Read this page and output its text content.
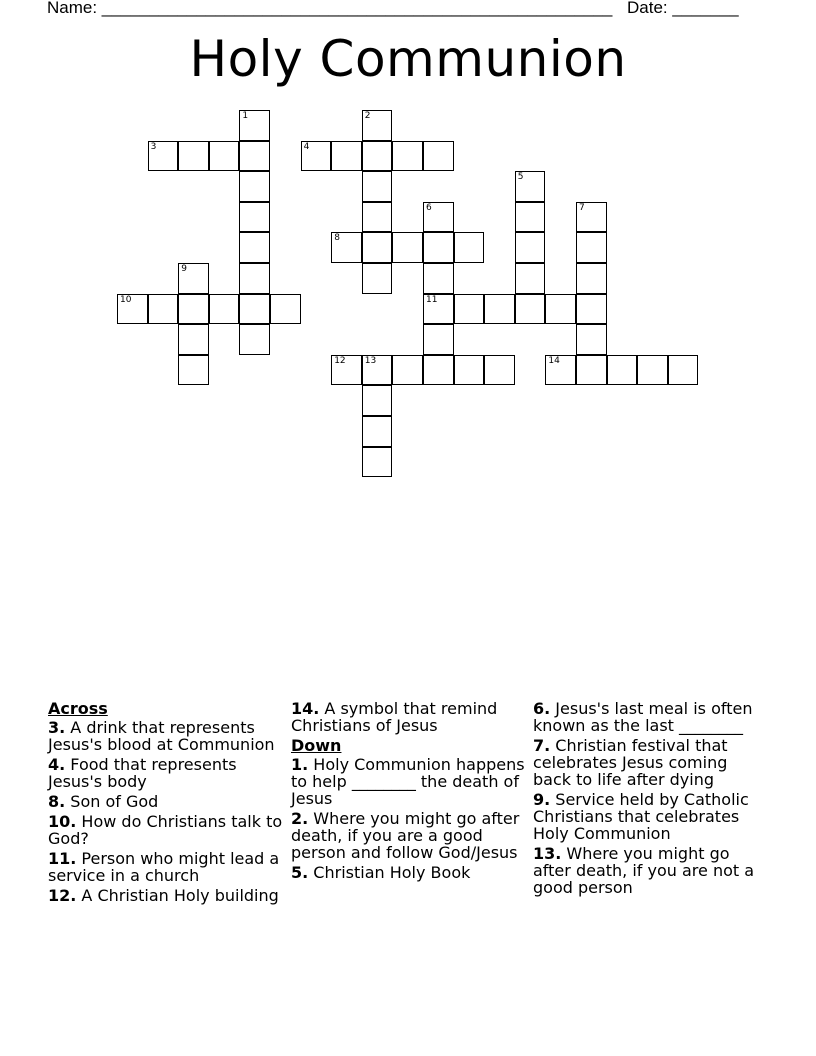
Name: ______________________________________________________ Date: _______
Holy Communion
1	2
3	4
5
6	7
8
9
10	11
12 13	14
Across
3. A drink that represents Jesus's blood at Communion
4. Food that represents Jesus's body
8. Son of God
10. How do Christians talk to God?
11. Person who might lead a service in a church
12. A Christian Holy building
14. A symbol that remind Christians of Jesus
Down
1. Holy Communion happens to help ________ the death of Jesus
2. Where you might go after death, if you are a good person and follow God/Jesus
5. Christian Holy Book
6. Jesus's last meal is often known as the last ________
7. Christian festival that celebrates Jesus coming back to life after dying
9. Service held by Catholic Christians that celebrates Holy Communion
13. Where you might go after death, if you are not a good person
